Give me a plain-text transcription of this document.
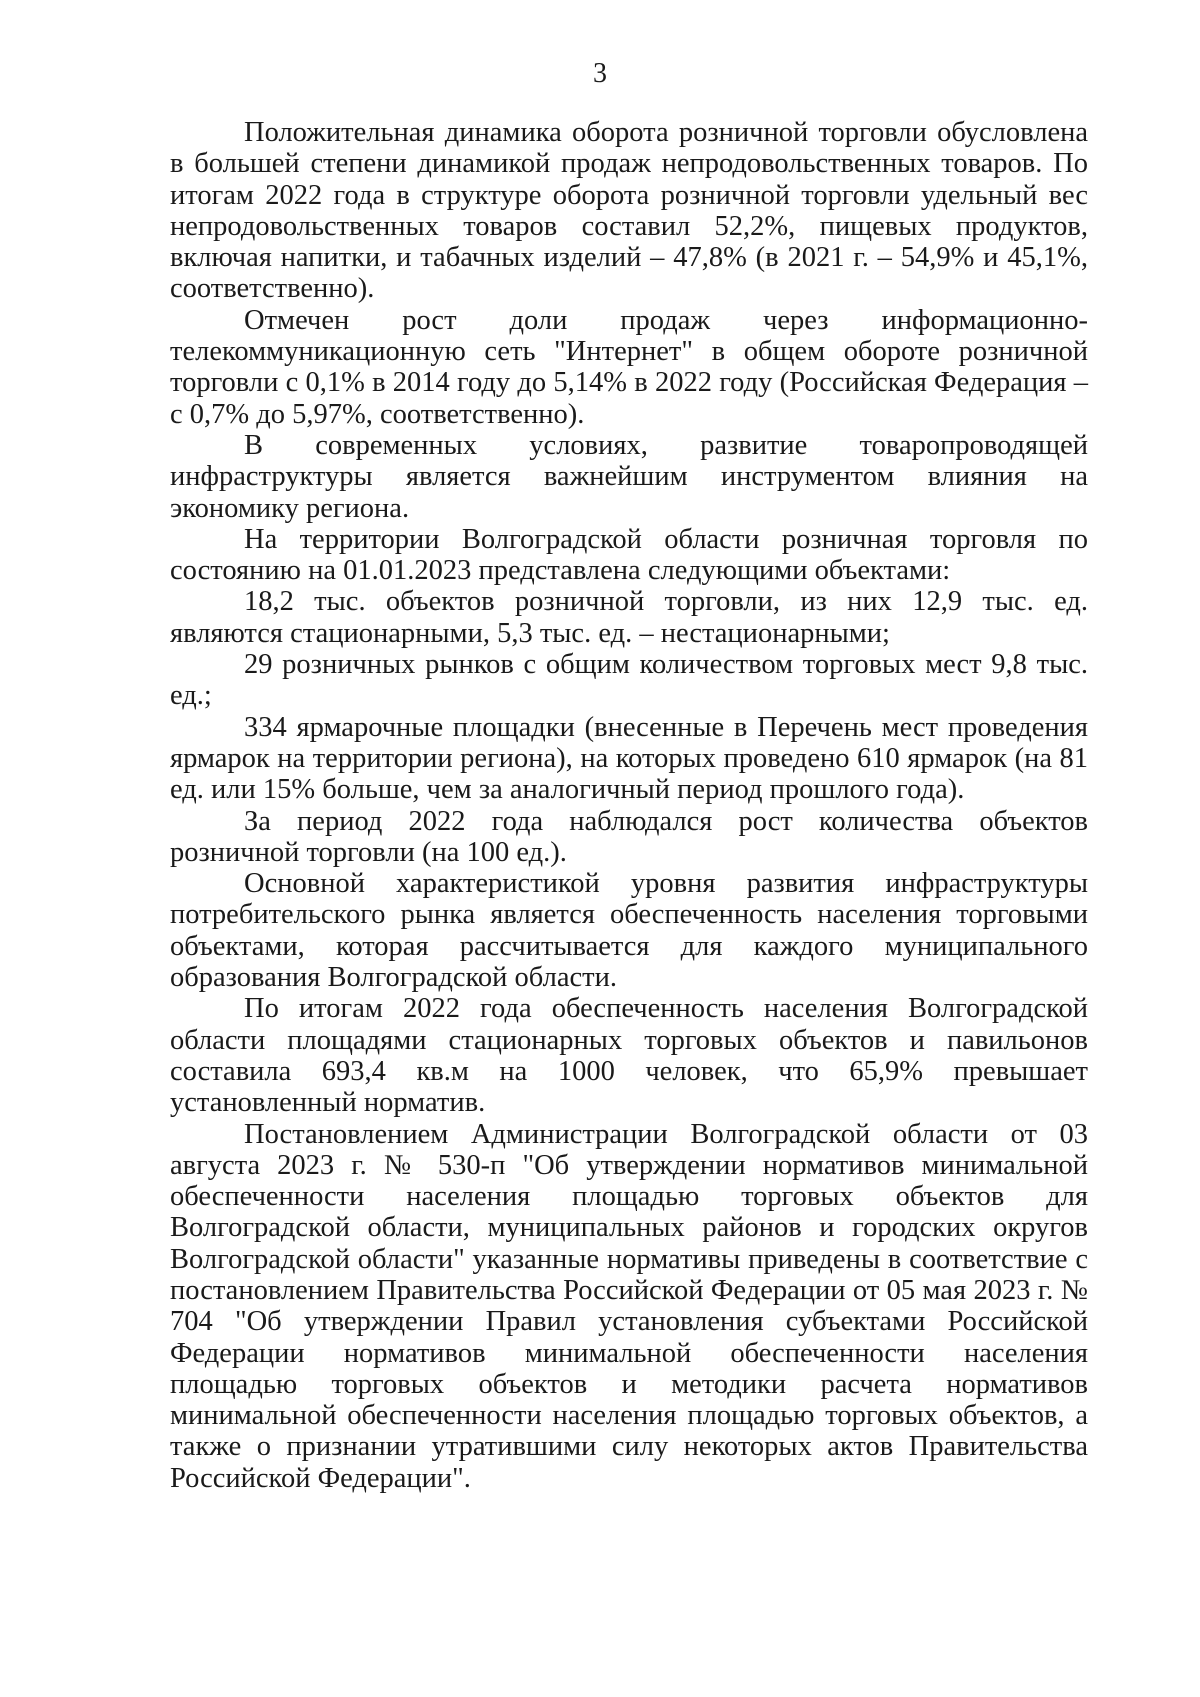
3

Положительная динамика оборота розничной торговли обусловлена в большей степени динамикой продаж непродовольственных товаров. По итогам 2022 года в структуре оборота розничной торговли удельный вес непродовольственных товаров составил 52,2%, пищевых продуктов, включая напитки, и табачных изделий – 47,8% (в 2021 г. – 54,9% и 45,1%, соответственно).

Отмечен рост доли продаж через информационно-телекоммуникационную сеть "Интернет" в общем обороте розничной торговли с 0,1% в 2014 году до 5,14% в 2022 году (Российская Федерация – с 0,7% до 5,97%, соответственно).

В современных условиях, развитие товаропроводящей инфраструктуры является важнейшим инструментом влияния на экономику региона.

На территории Волгоградской области розничная торговля по состоянию на 01.01.2023 представлена следующими объектами:

18,2 тыс. объектов розничной торговли, из них 12,9 тыс. ед. являются стационарными, 5,3 тыс. ед. – нестационарными;

29 розничных рынков с общим количеством торговых мест 9,8 тыс. ед.;

334 ярмарочные площадки (внесенные в Перечень мест проведения ярмарок на территории региона), на которых проведено 610 ярмарок (на 81 ед. или 15% больше, чем за аналогичный период прошлого года).

За период 2022 года наблюдался рост количества объектов розничной торговли (на 100 ед.).

Основной характеристикой уровня развития инфраструктуры потребительского рынка является обеспеченность населения торговыми объектами, которая рассчитывается для каждого муниципального образования Волгоградской области.

По итогам 2022 года обеспеченность населения Волгоградской области площадями стационарных торговых объектов и павильонов составила 693,4 кв.м на 1000 человек, что 65,9% превышает установленный норматив.

Постановлением Администрации Волгоградской области от 03 августа 2023 г. № 530-п "Об утверждении нормативов минимальной обеспеченности населения площадью торговых объектов для Волгоградской области, муниципальных районов и городских округов Волгоградской области" указанные нормативы приведены в соответствие с постановлением Правительства Российской Федерации от 05 мая 2023 г. № 704 "Об утверждении Правил установления субъектами Российской Федерации нормативов минимальной обеспеченности населения площадью торговых объектов и методики расчета нормативов минимальной обеспеченности населения площадью торговых объектов, а также о признании утратившими силу некоторых актов Правительства Российской Федерации".
